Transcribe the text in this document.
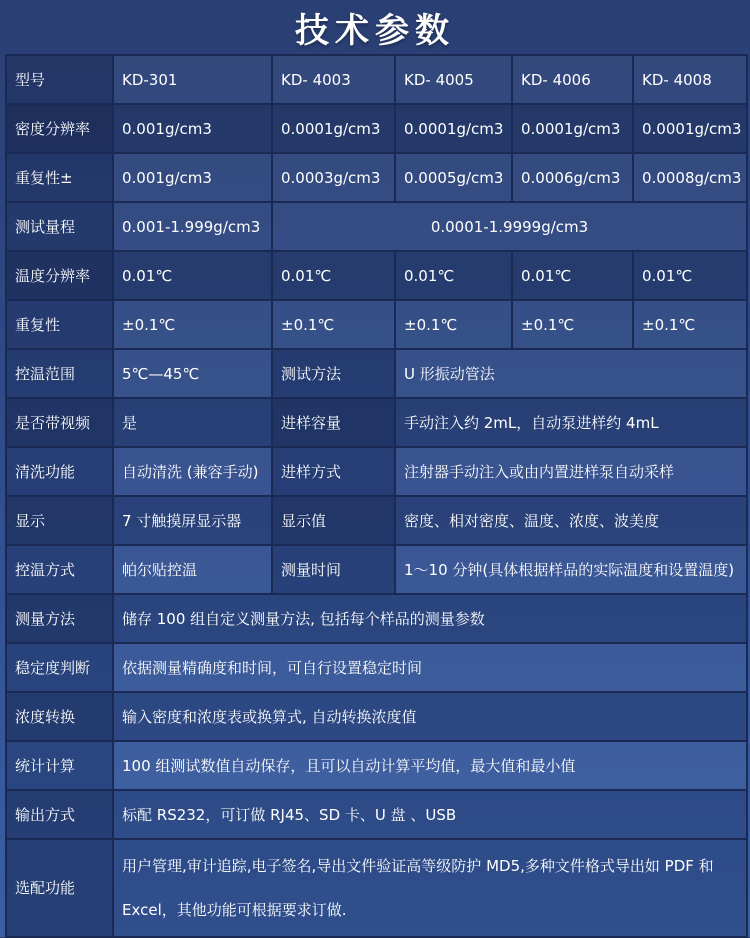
技术参数
型号	KD-301	KD- 4003	KD- 4005	KD- 4006	KD- 4008
密度分辨率	0.001g/cm3	0.0001g/cm3	0.0001g/cm3	0.0001g/cm3	0.0001g/cm3
重复性±	0.001g/cm3	0.0003g/cm3	0.0005g/cm3	0.0006g/cm3	0.0008g/cm3
测试量程	0.001-1.999g/cm3	0.0001-1.9999g/cm3			
温度分辨率	0.01℃	0.01℃	0.01℃	0.01℃	0.01℃
重复性	±0.1℃	±0.1℃	±0.1℃	±0.1℃	±0.1℃
控温范围	5℃—45℃	测试方法	U 形振动管法		
是否带视频	是	进样容量	手动注入约 2mL，自动泵进样约 4mL		
清洗功能	自动清洗 (兼容手动)	进样方式	注射器手动注入或由内置进样泵自动采样		
显示	7 寸触摸屏显示器	显示值	密度、相对密度、温度、浓度、波美度		
控温方式	帕尔贴控温	测量时间	1～10 分钟(具体根据样品的实际温度和设置温度)		
测量方法	储存 100 组自定义测量方法, 包括每个样品的测量参数				
稳定度判断	依据测量精确度和时间，可自行设置稳定时间				
浓度转换	输入密度和浓度表或换算式, 自动转换浓度值				
统计计算	100 组测试数值自动保存，且可以自动计算平均值，最大值和最小值				
输出方式	标配 RS232，可订做 RJ45、SD 卡、U 盘 、USB				
选配功能	用户管理,审计追踪,电子签名,导出文件验证高等级防护 MD5,多种文件格式导出如 PDF 和
Excel，其他功能可根据要求订做.				
